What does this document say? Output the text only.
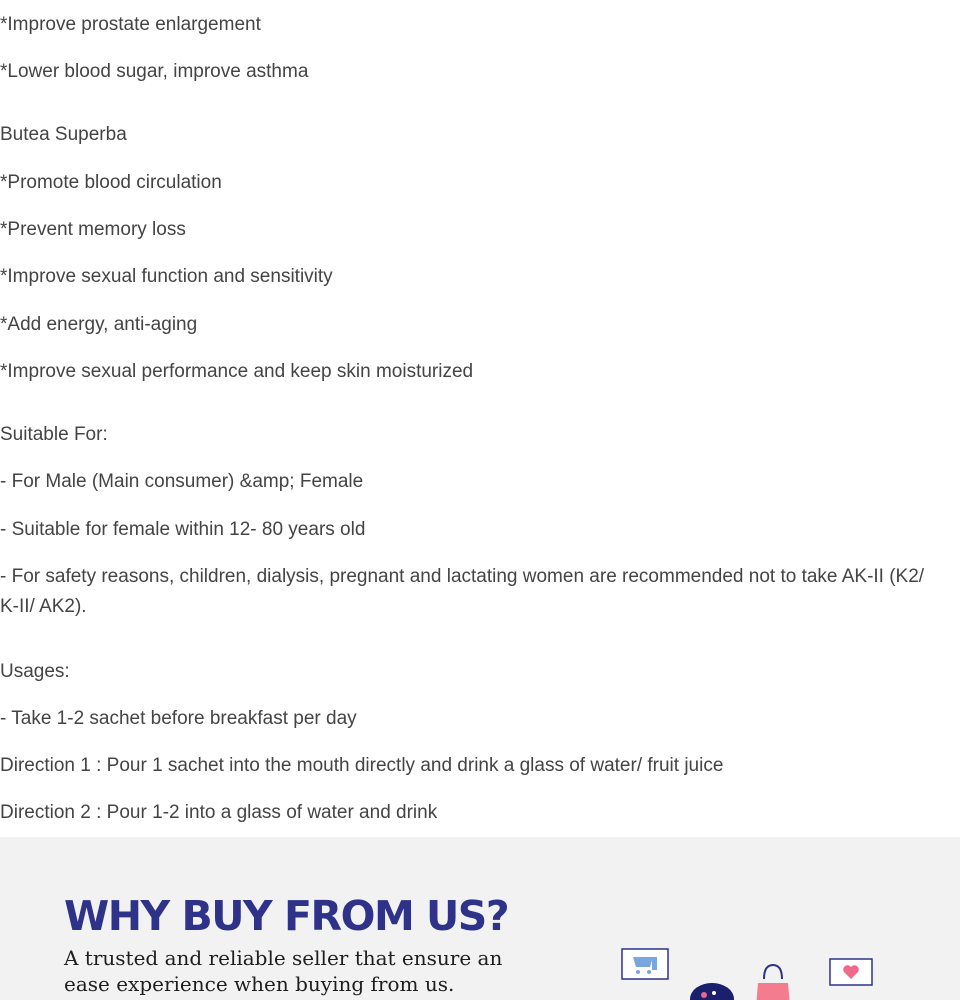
*Improve prostate enlargement

*Lower blood sugar, improve asthma

Butea Superba

*Promote blood circulation

*Prevent memory loss

*Improve sexual function and sensitivity

*Add energy, anti-aging

*Improve sexual performance and keep skin moisturized

Suitable For:

- For Male (Main consumer) &amp; Female

- Suitable for female within 12- 80 years old

- For safety reasons, children, dialysis, pregnant and lactating women are recommended not to take AK-II (K2/ K-II/ AK2).

Usages:

- Take 1-2 sachet before breakfast per day

Direction 1 : Pour 1 sachet into the mouth directly and drink a glass of water/ fruit juice

Direction 2 : Pour 1-2 into a glass of water and drink

WHY BUY FROM US?

A trusted and reliable seller that ensure an ease experience when buying from us.
